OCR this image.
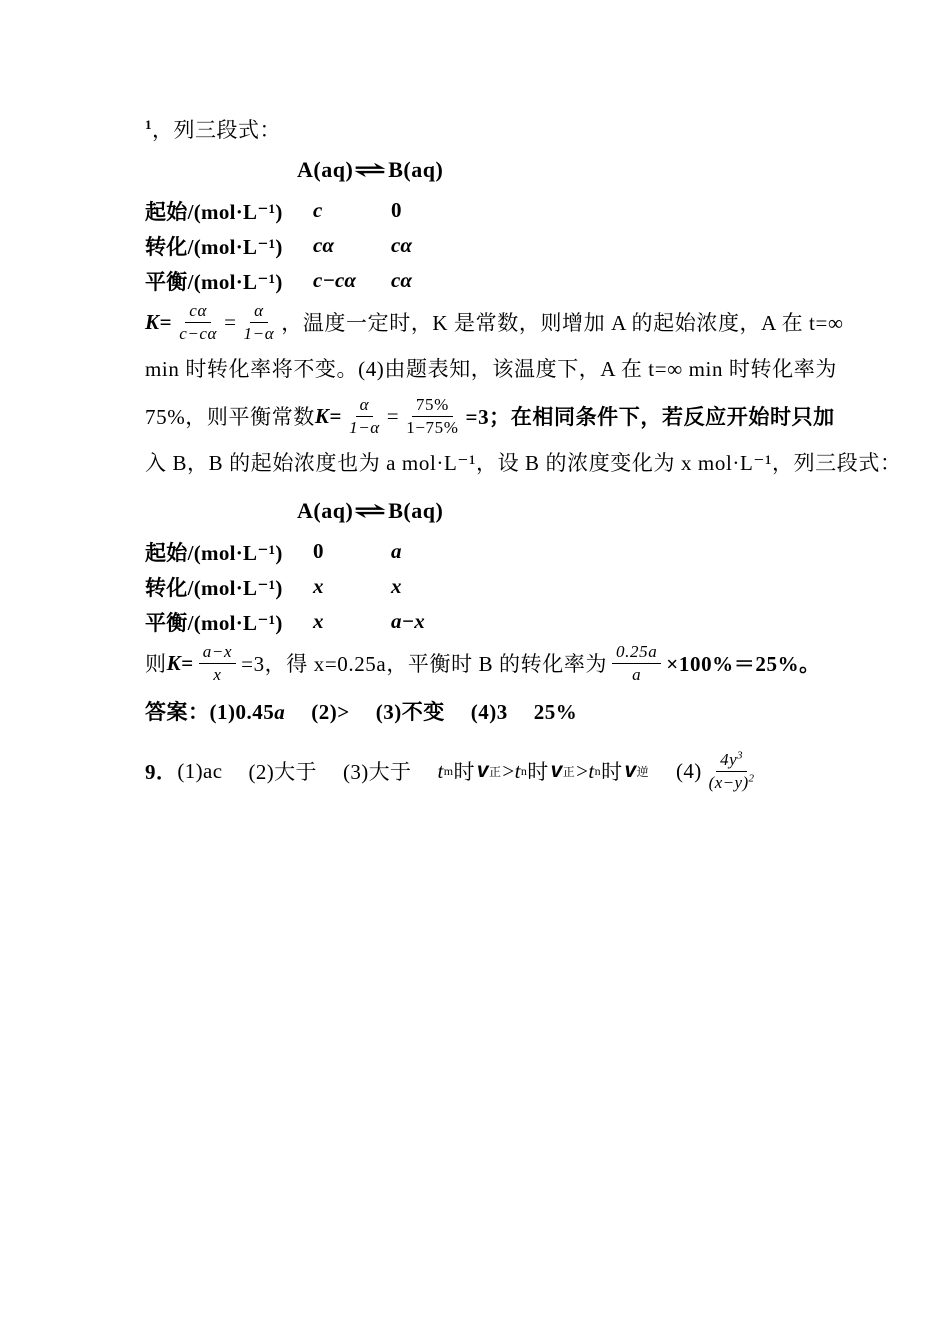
$^1$，列三段式：
A(aq)⇌B(aq)
起始/(mol·L⁻¹)	c	0
转化/(mol·L⁻¹)	cα	cα
平衡/(mol·L⁻¹)	c−cα	cα
$K = \frac{c\alpha}{c-c\alpha} = \frac{\alpha}{1-\alpha}$ ，温度一定时，K 是常数，则增加 A 的起始浓度，A 在 t=∞
min 时转化率将不变。(4)由题表知，该温度下，A 在 t=∞ min 时转化率为
75%，则平衡常数 $K = \frac{\alpha}{1-\alpha} = \frac{75\%}{1-75\%} =3$；在相同条件下，若反应开始时只加
入 B，B 的起始浓度也为 a mol·L⁻¹，设 B 的浓度变化为 x mol·L⁻¹，列三段式：
A(aq)⇌B(aq)
起始/(mol·L⁻¹)	0	a
转化/(mol·L⁻¹)	x	x
平衡/(mol·L⁻¹)	x	a−x
则 $K = \frac{a-x}{x} =3$，得 x=0.25a，平衡时 B 的转化率为 $\frac{0.25a}{a} \times 100\%=25\%$。
答案：(1)0.45a (2)> (3)不变 (4)3 25%
9． (1)ac (2)大于 (3)大于 t m 时 v 正 > t n 时 v 正 > t n 时 v 逆 $(4) \frac{4y^3}{(x-y)^2}$
